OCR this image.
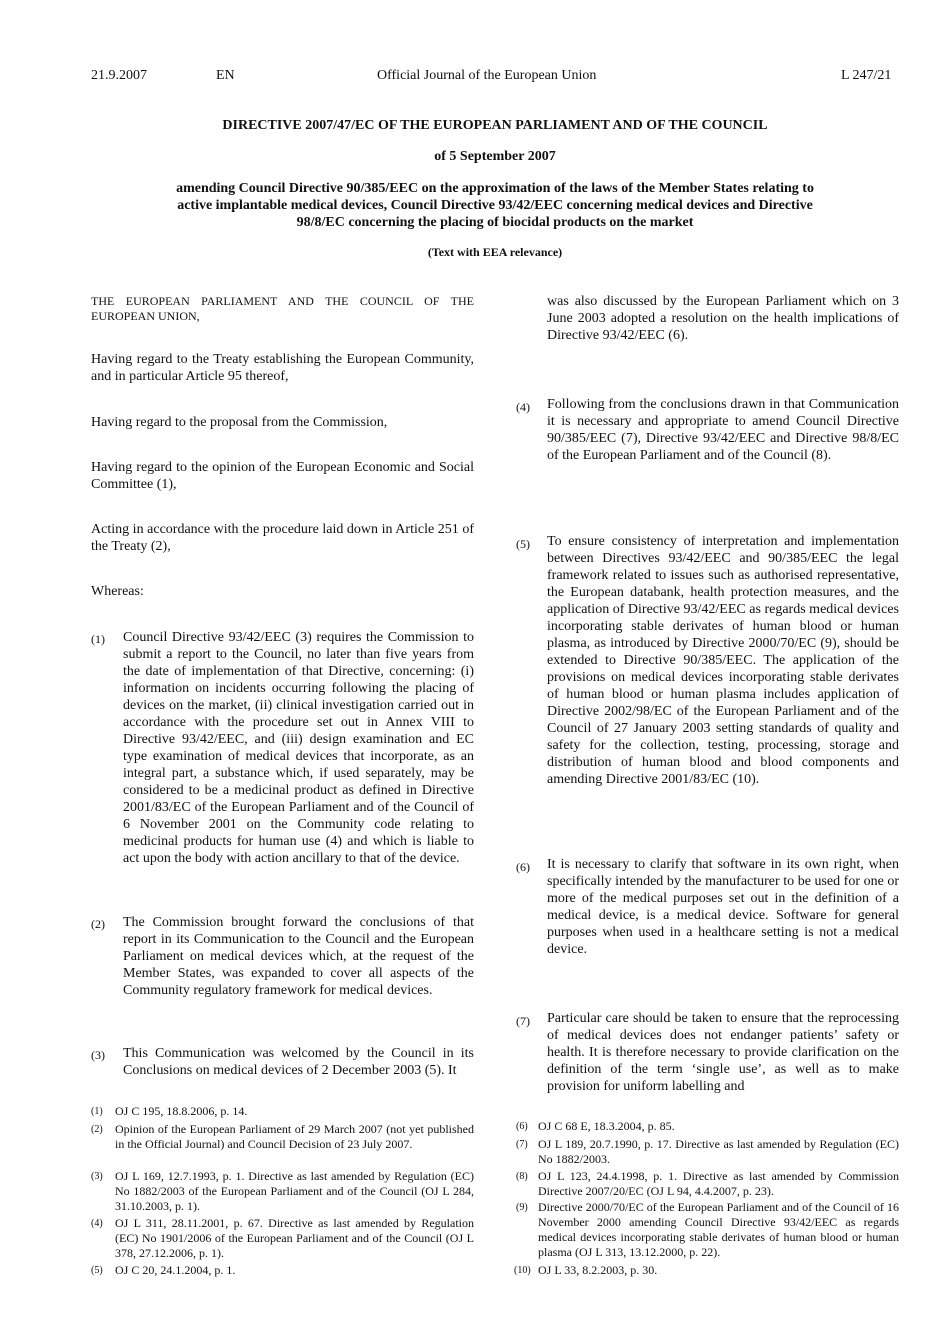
21.9.2007	EN	Official Journal of the European Union	L 247/21
DIRECTIVE 2007/47/EC OF THE EUROPEAN PARLIAMENT AND OF THE COUNCIL
of 5 September 2007
amending Council Directive 90/385/EEC on the approximation of the laws of the Member States relating to active implantable medical devices, Council Directive 93/42/EEC concerning medical devices and Directive 98/8/EC concerning the placing of biocidal products on the market
(Text with EEA relevance)
THE EUROPEAN PARLIAMENT AND THE COUNCIL OF THE EUROPEAN UNION,
Having regard to the Treaty establishing the European Community, and in particular Article 95 thereof,
Having regard to the proposal from the Commission,
Having regard to the opinion of the European Economic and Social Committee (1),
Acting in accordance with the procedure laid down in Article 251 of the Treaty (2),
Whereas:
(1) Council Directive 93/42/EEC (3) requires the Commission to submit a report to the Council, no later than five years from the date of implementation of that Directive, concerning: (i) information on incidents occurring following the placing of devices on the market, (ii) clinical investigation carried out in accordance with the procedure set out in Annex VIII to Directive 93/42/EEC, and (iii) design examination and EC type examination of medical devices that incorporate, as an integral part, a substance which, if used separately, may be considered to be a medicinal product as defined in Directive 2001/83/EC of the European Parliament and of the Council of 6 November 2001 on the Community code relating to medicinal products for human use (4) and which is liable to act upon the body with action ancillary to that of the device.
(2) The Commission brought forward the conclusions of that report in its Communication to the Council and the European Parliament on medical devices which, at the request of the Member States, was expanded to cover all aspects of the Community regulatory framework for medical devices.
(3) This Communication was welcomed by the Council in its Conclusions on medical devices of 2 December 2003 (5). It
was also discussed by the European Parliament which on 3 June 2003 adopted a resolution on the health implications of Directive 93/42/EEC (6).
(4) Following from the conclusions drawn in that Communication it is necessary and appropriate to amend Council Directive 90/385/EEC (7), Directive 93/42/EEC and Directive 98/8/EC of the European Parliament and of the Council (8).
(5) To ensure consistency of interpretation and implementation between Directives 93/42/EEC and 90/385/EEC the legal framework related to issues such as authorised representative, the European databank, health protection measures, and the application of Directive 93/42/EEC as regards medical devices incorporating stable derivates of human blood or human plasma, as introduced by Directive 2000/70/EC (9), should be extended to Directive 90/385/EEC. The application of the provisions on medical devices incorporating stable derivates of human blood or human plasma includes application of Directive 2002/98/EC of the European Parliament and of the Council of 27 January 2003 setting standards of quality and safety for the collection, testing, processing, storage and distribution of human blood and blood components and amending Directive 2001/83/EC (10).
(6) It is necessary to clarify that software in its own right, when specifically intended by the manufacturer to be used for one or more of the medical purposes set out in the definition of a medical device, is a medical device. Software for general purposes when used in a healthcare setting is not a medical device.
(7) Particular care should be taken to ensure that the reprocessing of medical devices does not endanger patients’ safety or health. It is therefore necessary to provide clarification on the definition of the term ‘single use’, as well as to make provision for uniform labelling and
(1) OJ C 195, 18.8.2006, p. 14.
(2) Opinion of the European Parliament of 29 March 2007 (not yet published in the Official Journal) and Council Decision of 23 July 2007.
(3) OJ L 169, 12.7.1993, p. 1. Directive as last amended by Regulation (EC) No 1882/2003 of the European Parliament and of the Council (OJ L 284, 31.10.2003, p. 1).
(4) OJ L 311, 28.11.2001, p. 67. Directive as last amended by Regulation (EC) No 1901/2006 of the European Parliament and of the Council (OJ L 378, 27.12.2006, p. 1).
(5) OJ C 20, 24.1.2004, p. 1.
(6) OJ C 68 E, 18.3.2004, p. 85.
(7) OJ L 189, 20.7.1990, p. 17. Directive as last amended by Regulation (EC) No 1882/2003.
(8) OJ L 123, 24.4.1998, p. 1. Directive as last amended by Commission Directive 2007/20/EC (OJ L 94, 4.4.2007, p. 23).
(9) Directive 2000/70/EC of the European Parliament and of the Council of 16 November 2000 amending Council Directive 93/42/EEC as regards medical devices incorporating stable derivates of human blood or human plasma (OJ L 313, 13.12.2000, p. 22).
(10) OJ L 33, 8.2.2003, p. 30.
